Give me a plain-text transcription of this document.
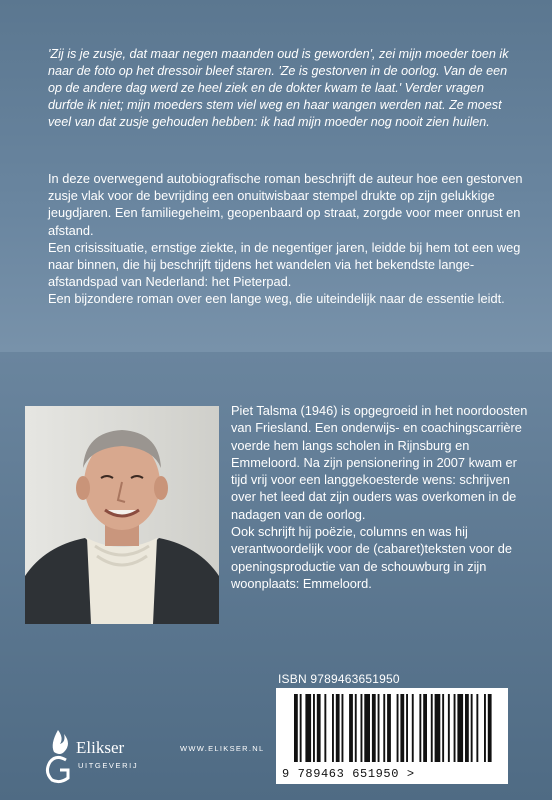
'Zij is je zusje, dat maar negen maanden oud is geworden', zei mijn moeder toen ik naar de foto op het dressoir bleef staren. 'Ze is gestorven in de oorlog. Van de een op de andere dag werd ze heel ziek en de dokter kwam te laat.' Verder vragen durfde ik niet; mijn moeders stem viel weg en haar wangen werden nat. Ze moest veel van dat zusje gehouden hebben: ik had mijn moeder nog nooit zien huilen.

In deze overwegend autobiografische roman beschrijft de auteur hoe een gestorven zusje vlak voor de bevrijding een onuitwisbaar stempel drukte op zijn gelukkige jeugdjaren. Een familiegeheim, geopenbaard op straat, zorgde voor meer onrust en afstand.

Een crisissituatie, ernstige ziekte, in de negentiger jaren, leidde bij hem tot een weg naar binnen, die hij beschrijft tijdens het wandelen via het bekendste lange-afstandspad van Nederland: het Pieterpad.

Een bijzondere roman over een lange weg, die uiteindelijk naar de essentie leidt.

Piet Talsma (1946) is opgegroeid in het noordoosten van Friesland. Een onderwijs- en coachingscarrière voerde hem langs scholen in Rijnsburg en Emmeloord. Na zijn pensionering in 2007 kwam er tijd vrij voor een langgekoesterde wens: schrijven over het leed dat zijn ouders was overkomen in de nadagen van de oorlog.

Ook schrijft hij poëzie, columns en was hij verantwoordelijk voor de (cabaret)teksten voor de openingsproductie van de schouwburg in zijn woonplaats: Emmeloord.

ISBN 9789463651950
9 789463 651950 >
Elikser
UITGEVERIJ
WWW.ELIKSER.NL
